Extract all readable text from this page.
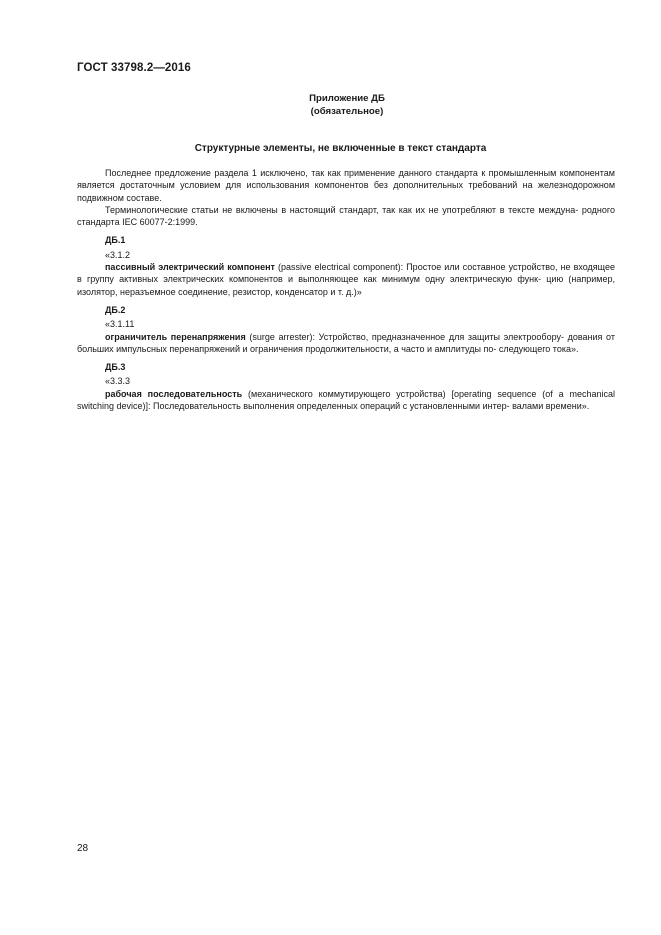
ГОСТ 33798.2—2016
Приложение ДБ
(обязательное)
Структурные элементы, не включенные в текст стандарта

Последнее предложение раздела 1 исключено, так как применение данного стандарта к промышленным компонентам является достаточным условием для использования компонентов без дополнительных требований на железнодорожном подвижном составе.

Терминологические статьи не включены в настоящий стандарт, так как их не употребляют в тексте междуна- родного стандарта IEC 60077-2:1999.

ДБ.1

«3.1.2

пассивный электрический компонент (passive electrical component): Простое или составное устройство, не входящее в группу активных электрических компонентов и выполняющее как минимум одну электрическую функ- цию (например, изолятор, неразъемное соединение, резистор, конденсатор и т. д.)»

ДБ.2

«3.1.11

ограничитель перенапряжения (surge arrester): Устройство, предназначенное для защиты электрообору- дования от больших импульсных перенапряжений и ограничения продолжительности, а часто и амплитуды по- следующего тока».

ДБ.3

«3.3.3

рабочая последовательность (механического коммутирующего устройства) [operating sequence (of a mechanical switching device)]: Последовательность выполнения определенных операций с установленными интер- валами времени».

28
